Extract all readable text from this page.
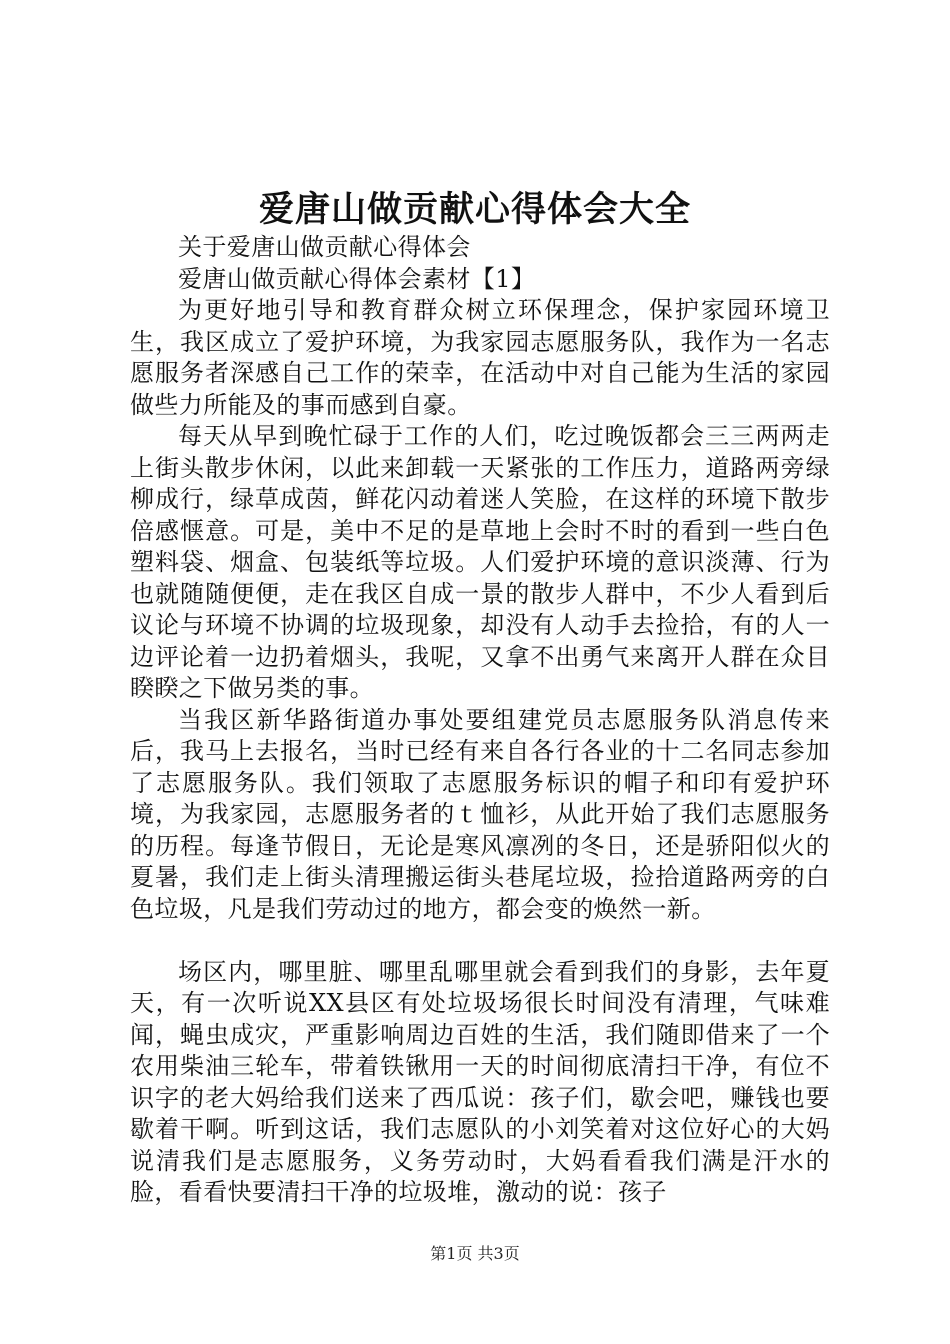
爱唐山做贡献心得体会大全

关于爱唐山做贡献心得体会

爱唐山做贡献心得体会素材【1】

为更好地引导和教育群众树立环保理念，保护家园环境卫生，我区成立了爱护环境，为我家园志愿服务队，我作为一名志愿服务者深感自己工作的荣幸，在活动中对自己能为生活的家园做些力所能及的事而感到自豪。

每天从早到晚忙碌于工作的人们，吃过晚饭都会三三两两走上街头散步休闲，以此来卸载一天紧张的工作压力，道路两旁绿柳成行，绿草成茵，鲜花闪动着迷人笑脸，在这样的环境下散步倍感惬意。可是，美中不足的是草地上会时不时的看到一些白色塑料袋、烟盒、包装纸等垃圾。人们爱护环境的意识淡薄、行为也就随随便便，走在我区自成一景的散步人群中，不少人看到后议论与环境不协调的垃圾现象，却没有人动手去捡拾，有的人一边评论着一边扔着烟头，我呢，又拿不出勇气来离开人群在众目睽睽之下做另类的事。

当我区新华路街道办事处要组建党员志愿服务队消息传来后，我马上去报名，当时已经有来自各行各业的十二名同志参加了志愿服务队。我们领取了志愿服务标识的帽子和印有爱护环境，为我家园，志愿服务者的ｔ恤衫，从此开始了我们志愿服务的历程。每逢节假日，无论是寒风凛冽的冬日，还是骄阳似火的夏暑，我们走上街头清理搬运街头巷尾垃圾，捡拾道路两旁的白色垃圾，凡是我们劳动过的地方，都会变的焕然一新。

场区内，哪里脏、哪里乱哪里就会看到我们的身影，去年夏天，有一次听说XX县区有处垃圾场很长时间没有清理，气味难闻，蝇虫成灾，严重影响周边百姓的生活，我们随即借来了一个农用柴油三轮车，带着铁锹用一天的时间彻底清扫干净，有位不识字的老大妈给我们送来了西瓜说：孩子们，歇会吧，赚钱也要歇着干啊。听到这话，我们志愿队的小刘笑着对这位好心的大妈说清我们是志愿服务，义务劳动时，大妈看看我们满是汗水的脸，看看快要清扫干净的垃圾堆，激动的说：孩子

第1页 共3页
